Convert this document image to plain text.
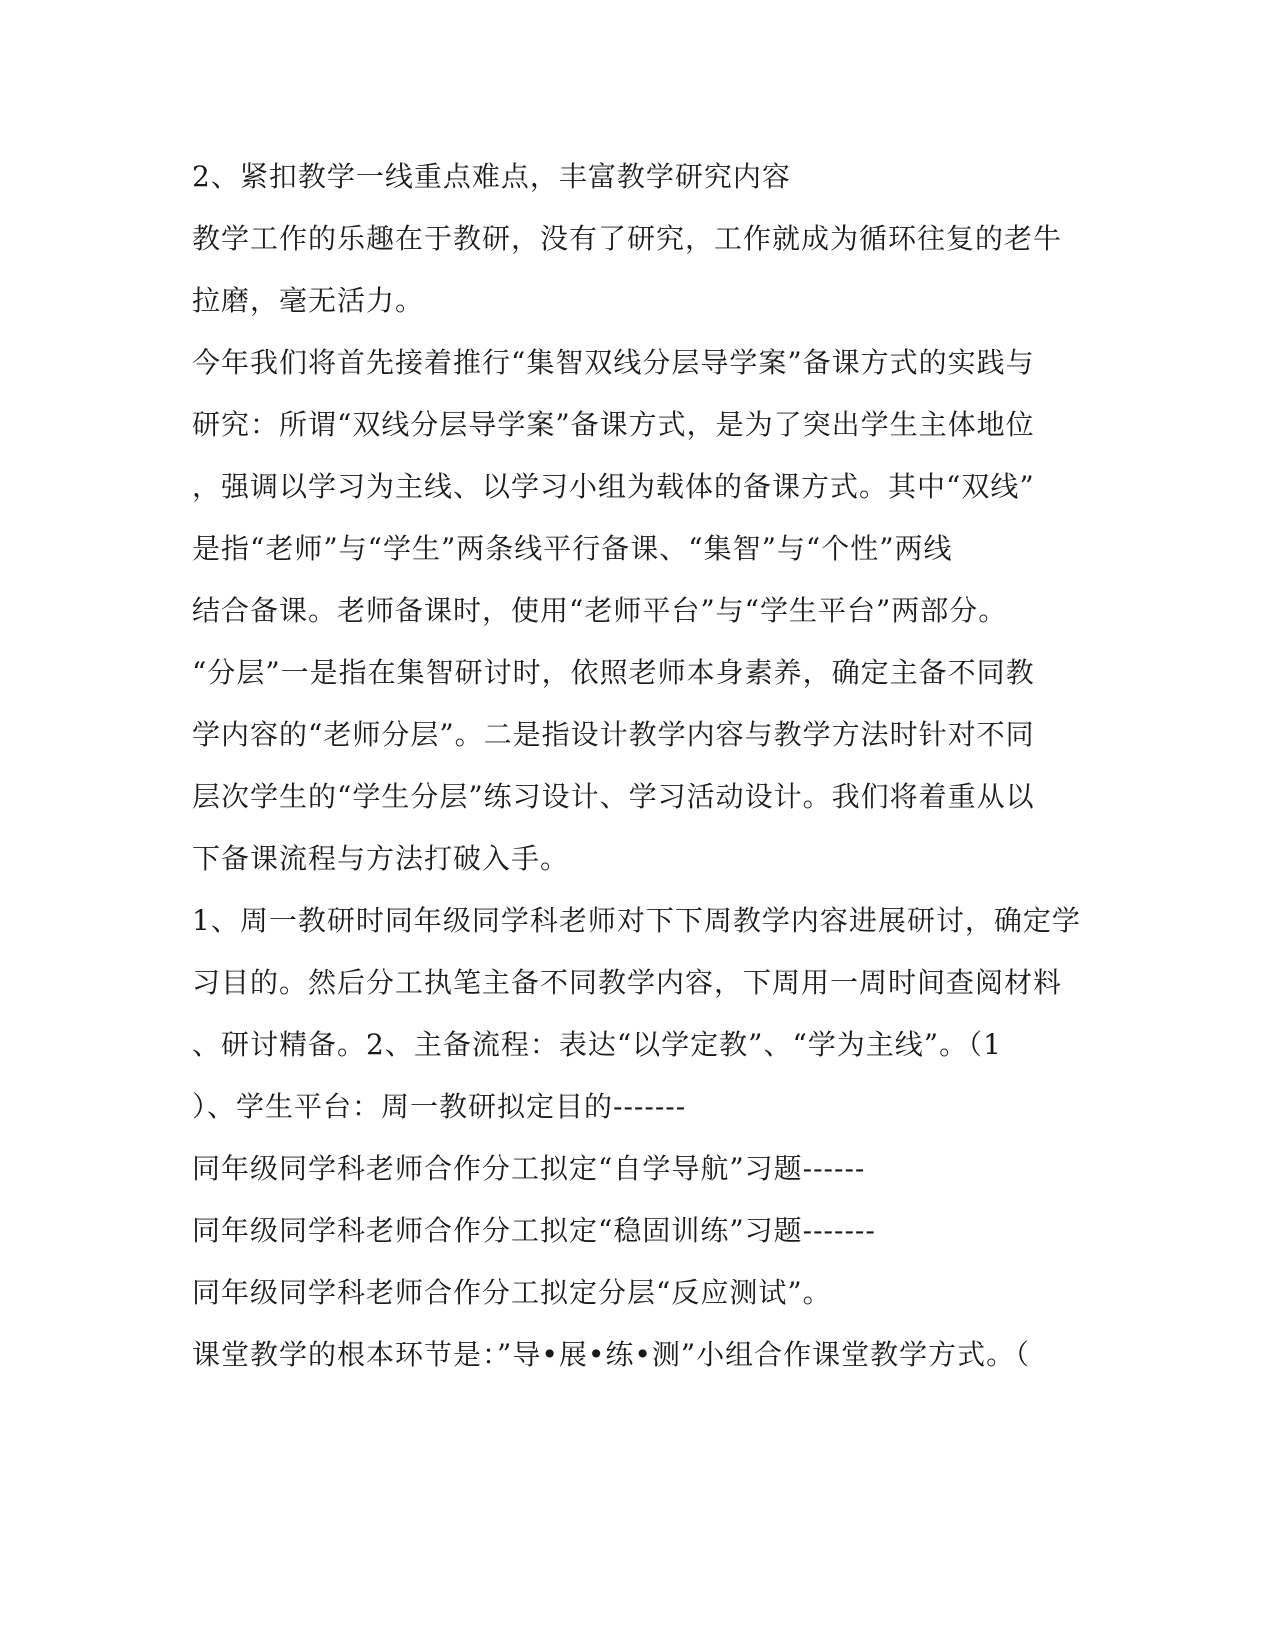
2、紧扣教学一线重点难点，丰富教学研究内容
教学工作的乐趣在于教研，没有了研究，工作就成为循环往复的老牛
拉磨，毫无活力。
今年我们将首先接着推行“集智双线分层导学案”备课方式的实践与
研究：所谓“双线分层导学案”备课方式，是为了突出学生主体地位
，强调以学习为主线、以学习小组为载体的备课方式。其中“双线”
是指“老师”与“学生”两条线平行备课、“集智”与“个性”两线
结合备课。老师备课时，使用“老师平台”与“学生平台”两部分。
“分层”一是指在集智研讨时，依照老师本身素养，确定主备不同教
学内容的“老师分层”。二是指设计教学内容与教学方法时针对不同
层次学生的“学生分层”练习设计、学习活动设计。我们将着重从以
下备课流程与方法打破入手。
1、周一教研时同年级同学科老师对下下周教学内容进展研讨，确定学
习目的。然后分工执笔主备不同教学内容，下周用一周时间查阅材料
、研讨精备。2、主备流程：表达“以学定教”、“学为主线”。（1
）、学生平台：周一教研拟定目的-------
同年级同学科老师合作分工拟定“自学导航”习题------
同年级同学科老师合作分工拟定“稳固训练”习题-------
同年级同学科老师合作分工拟定分层“反应测试”。
课堂教学的根本环节是：”导•展•练•测”小组合作课堂教学方式。（
